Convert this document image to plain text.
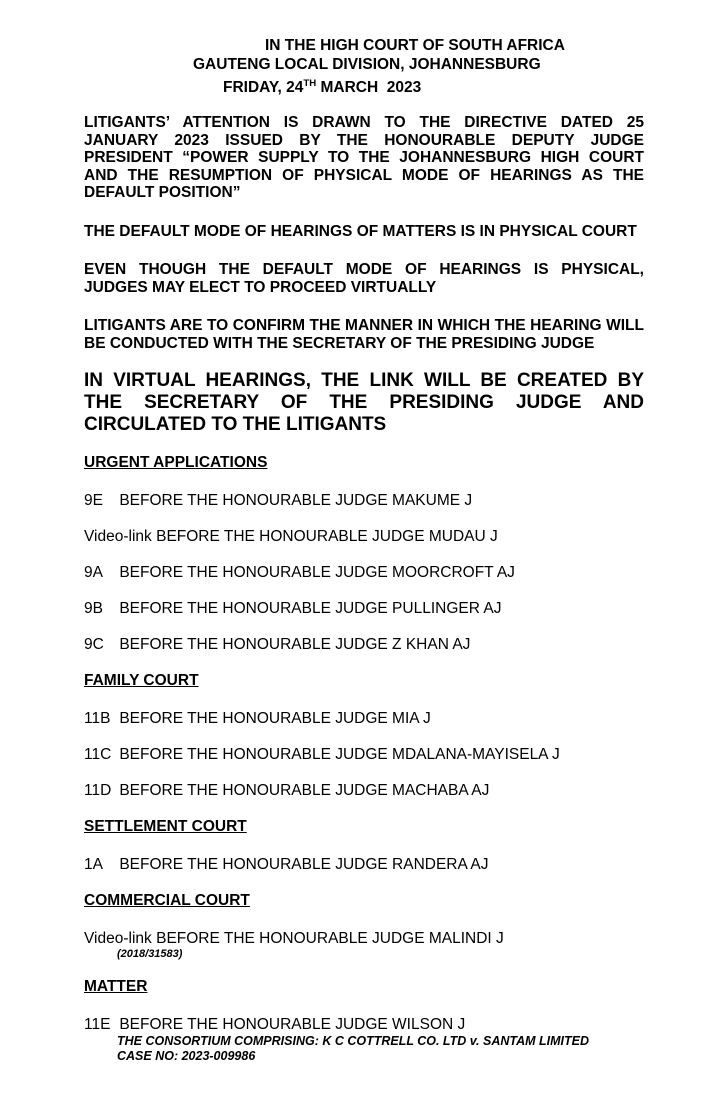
IN THE HIGH COURT OF SOUTH AFRICA
GAUTENG LOCAL DIVISION, JOHANNESBURG
FRIDAY, 24TH MARCH  2023

LITIGANTS’ ATTENTION IS DRAWN TO THE DIRECTIVE DATED 25 JANUARY 2023 ISSUED BY THE HONOURABLE DEPUTY JUDGE PRESIDENT “POWER SUPPLY TO THE JOHANNESBURG HIGH COURT AND THE RESUMPTION OF PHYSICAL MODE OF HEARINGS AS THE DEFAULT POSITION”

THE DEFAULT MODE OF HEARINGS OF MATTERS IS IN PHYSICAL COURT

EVEN THOUGH THE DEFAULT MODE OF HEARINGS IS PHYSICAL, JUDGES MAY ELECT TO PROCEED VIRTUALLY

LITIGANTS ARE TO CONFIRM THE MANNER IN WHICH THE HEARING WILL BE CONDUCTED WITH THE SECRETARY OF THE PRESIDING JUDGE

IN VIRTUAL HEARINGS, THE LINK WILL BE CREATED BY THE SECRETARY OF THE PRESIDING JUDGE AND CIRCULATED TO THE LITIGANTS

URGENT APPLICATIONS

9E BEFORE THE HONOURABLE JUDGE MAKUME J

Video-link BEFORE THE HONOURABLE JUDGE MUDAU J

9A BEFORE THE HONOURABLE JUDGE MOORCROFT AJ

9B BEFORE THE HONOURABLE JUDGE PULLINGER AJ

9C BEFORE THE HONOURABLE JUDGE Z KHAN AJ

FAMILY COURT

11B BEFORE THE HONOURABLE JUDGE MIA J

11C BEFORE THE HONOURABLE JUDGE MDALANA-MAYISELA J

11D BEFORE THE HONOURABLE JUDGE MACHABA AJ

SETTLEMENT COURT

1A BEFORE THE HONOURABLE JUDGE RANDERA AJ

COMMERCIAL COURT

Video-link BEFORE THE HONOURABLE JUDGE MALINDI J

(2018/31583)

MATTER

11E BEFORE THE HONOURABLE JUDGE WILSON J

THE CONSORTIUM COMPRISING: K C COTTRELL CO. LTD v. SANTAM LIMITED CASE NO: 2023-009986
